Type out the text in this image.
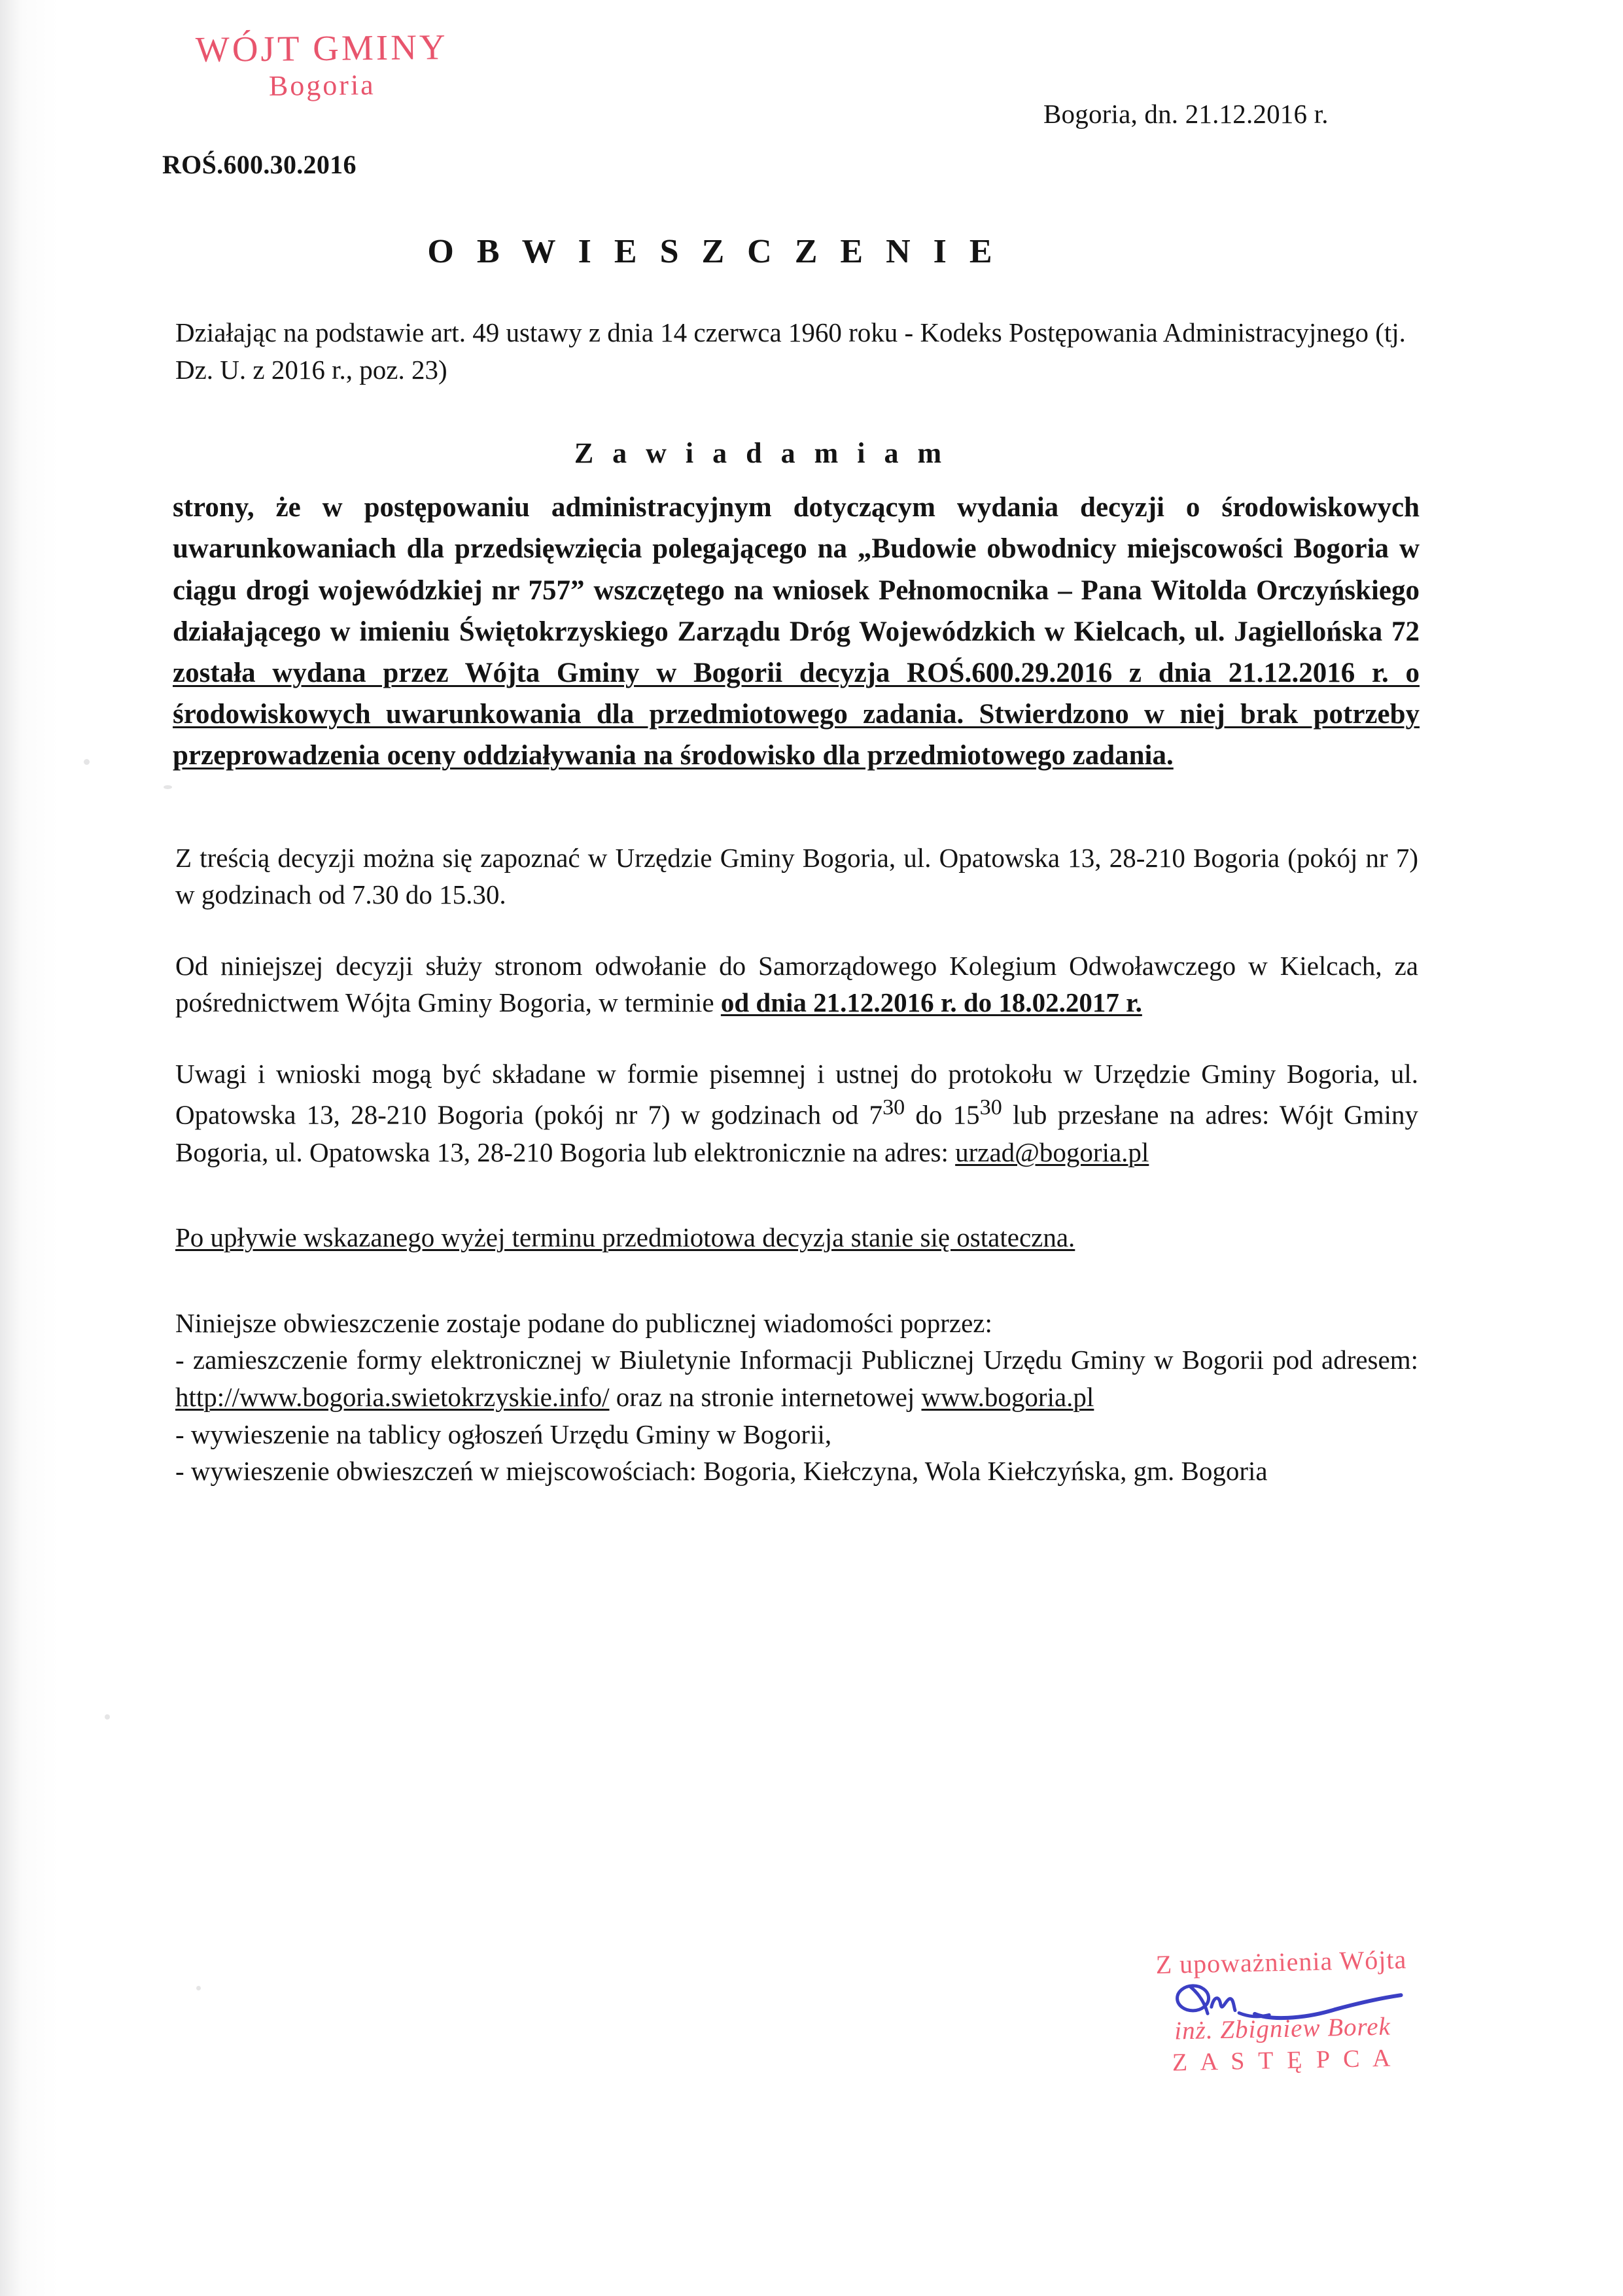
WÓJT GMINY
Bogoria
ROŚ.600.30.2016
Bogoria, dn. 21.12.2016 r.
O B W I E S Z C Z E N I E

Działając na podstawie art. 49 ustawy z dnia 14 czerwca 1960 roku - Kodeks Postępowania Administracyjnego (tj. Dz. U. z 2016 r., poz. 23)

Z a w i a d a m i a m

strony, że w postępowaniu administracyjnym dotyczącym wydania decyzji o środowiskowych uwarunkowaniach dla przedsięwzięcia polegającego na „Budowie obwodnicy miejscowości Bogoria w ciągu drogi wojewódzkiej nr 757” wszczętego na wniosek Pełnomocnika – Pana Witolda Orczyńskiego działającego w imieniu Świętokrzyskiego Zarządu Dróg Wojewódzkich w Kielcach, ul. Jagiellońska 72 została wydana przez Wójta Gminy w Bogorii decyzja ROŚ.600.29.2016 z dnia 21.12.2016 r. o środowiskowych uwarunkowania dla przedmiotowego zadania. Stwierdzono w niej brak potrzeby przeprowadzenia oceny oddziaływania na środowisko dla przedmiotowego zadania.

Z treścią decyzji można się zapoznać w Urzędzie Gminy Bogoria, ul. Opatowska 13, 28-210 Bogoria (pokój nr 7) w godzinach od 7.30 do 15.30.

Od niniejszej decyzji służy stronom odwołanie do Samorządowego Kolegium Odwoławczego w Kielcach, za pośrednictwem Wójta Gminy Bogoria, w terminie od dnia 21.12.2016 r. do 18.02.2017 r.

Uwagi i wnioski mogą być składane w formie pisemnej i ustnej do protokołu w Urzędzie Gminy Bogoria, ul. Opatowska 13, 28-210 Bogoria (pokój nr 7) w godzinach od $7^{30}$ do $15^{30}$ lub przesłane na adres: Wójt Gminy Bogoria, ul. Opatowska 13, 28-210 Bogoria lub elektronicznie na adres: urzad@bogoria.pl

Po upływie wskazanego wyżej terminu przedmiotowa decyzja stanie się ostateczna.

Niniejsze obwieszczenie zostaje podane do publicznej wiadomości poprzez:

- zamieszczenie formy elektronicznej w Biuletynie Informacji Publicznej Urzędu Gminy w Bogorii pod adresem: http://www.bogoria.swietokrzyskie.info/ oraz na stronie internetowej www.bogoria.pl

- wywieszenie na tablicy ogłoszeń Urzędu Gminy w Bogorii,

- wywieszenie obwieszczeń w miejscowościach: Bogoria, Kiełczyna, Wola Kiełczyńska, gm. Bogoria

Z upoważnienia Wójta
inż. Zbigniew Borek
Z A S T Ę P C A
